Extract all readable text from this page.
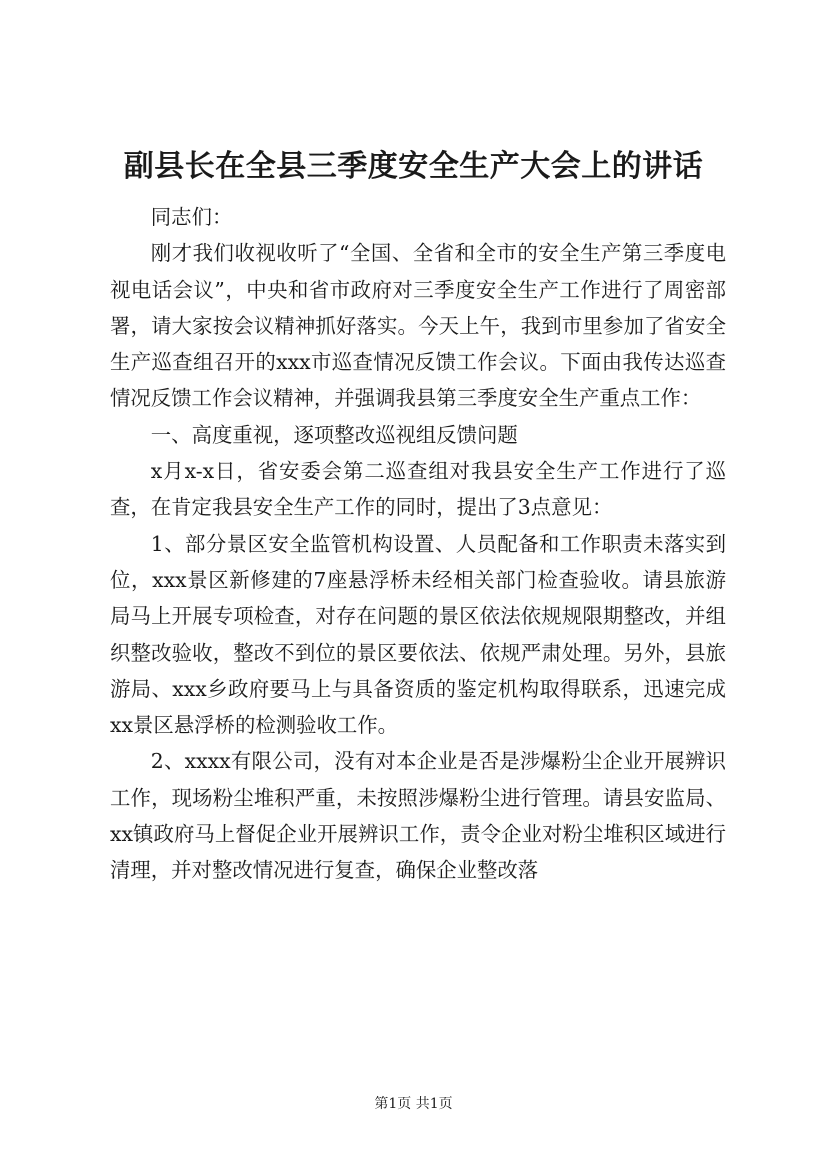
副县长在全县三季度安全生产大会上的讲话

同志们：

刚才我们收视收听了“全国、全省和全市的安全生产第三季度电视电话会议”，中央和省市政府对三季度安全生产工作进行了周密部署，请大家按会议精神抓好落实。今天上午，我到市里参加了省安全生产巡查组召开的xxx市巡查情况反馈工作会议。下面由我传达巡查情况反馈工作会议精神，并强调我县第三季度安全生产重点工作：

一、高度重视，逐项整改巡视组反馈问题

x月x-x日，省安委会第二巡查组对我县安全生产工作进行了巡查，在肯定我县安全生产工作的同时，提出了3点意见：

1、部分景区安全监管机构设置、人员配备和工作职责未落实到位，xxx景区新修建的7座悬浮桥未经相关部门检查验收。请县旅游局马上开展专项检查，对存在问题的景区依法依规规限期整改，并组织整改验收，整改不到位的景区要依法、依规严肃处理。另外，县旅游局、xxx乡政府要马上与具备资质的鉴定机构取得联系，迅速完成xx景区悬浮桥的检测验收工作。

2、xxxx有限公司，没有对本企业是否是涉爆粉尘企业开展辨识工作，现场粉尘堆积严重，未按照涉爆粉尘进行管理。请县安监局、xx镇政府马上督促企业开展辨识工作，责令企业对粉尘堆积区域进行清理，并对整改情况进行复查，确保企业整改落

第1页 共1页
